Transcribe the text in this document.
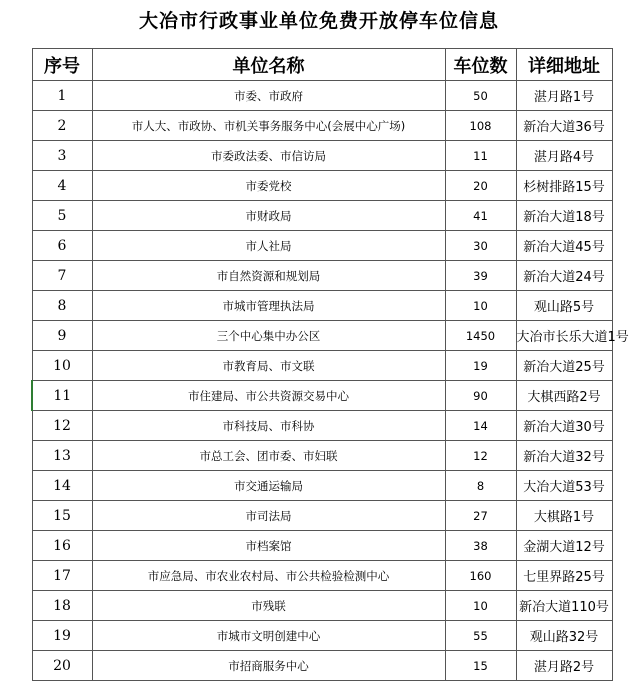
大冶市行政事业单位免费开放停车位信息
序号	单位名称	车位数	详细地址
1	市委、市政府	50	湛月路1号
2	市人大、市政协、市机关事务服务中心(会展中心广场)	108	新冶大道36号
3	市委政法委、市信访局	11	湛月路4号
4	市委党校	20	杉树排路15号
5	市财政局	41	新冶大道18号
6	市人社局	30	新冶大道45号
7	市自然资源和规划局	39	新冶大道24号
8	市城市管理执法局	10	观山路5号
9	三个中心集中办公区	1450	大冶市长乐大道1号
10	市教育局、市文联	19	新冶大道25号
11	市住建局、市公共资源交易中心	90	大棋西路2号
12	市科技局、市科协	14	新冶大道30号
13	市总工会、团市委、市妇联	12	新冶大道32号
14	市交通运输局	8	大冶大道53号
15	市司法局	27	大棋路1号
16	市档案馆	38	金湖大道12号
17	市应急局、市农业农村局、市公共检验检测中心	160	七里界路25号
18	市残联	10	新冶大道110号
19	市城市文明创建中心	55	观山路32号
20	市招商服务中心	15	湛月路2号
